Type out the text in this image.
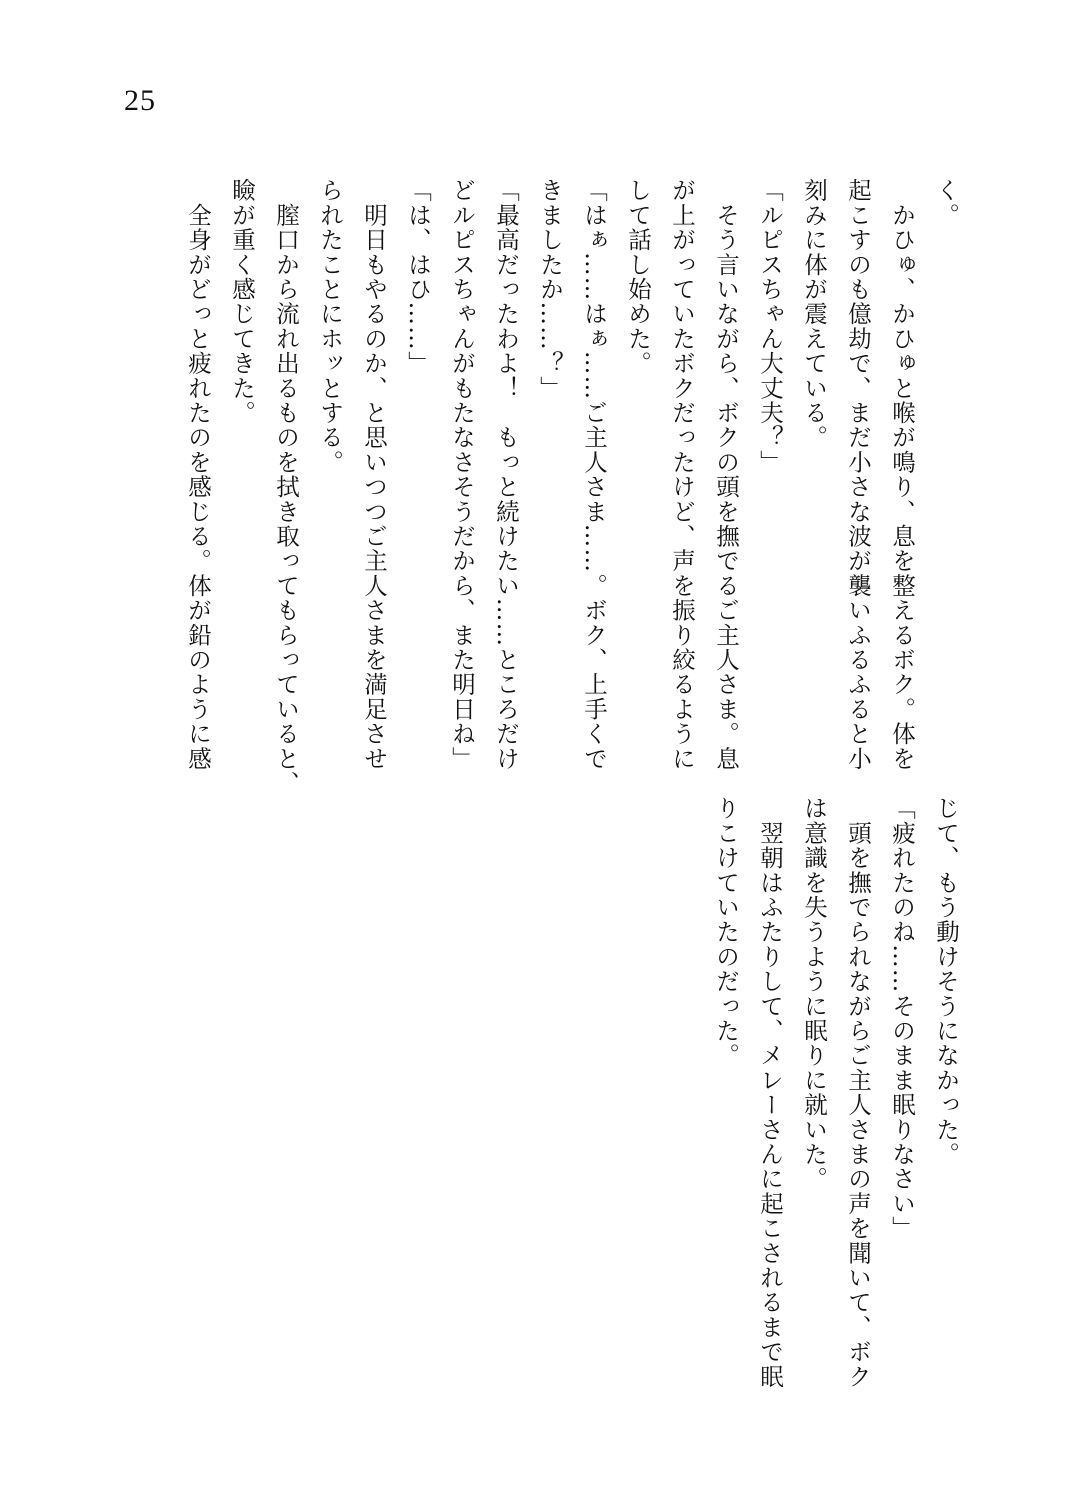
25
く。
　かひゅ、かひゅと喉が鳴り、息を整えるボク。体を
起こすのも億劫で、まだ小さな波が襲いふるふると小
刻みに体が震えている。
「ルピスちゃん大丈夫？」
　そう言いながら、ボクの頭を撫でるご主人さま。息
が上がっていたボクだったけど、声を振り絞るように
して話し始めた。
「はぁ……はぁ……ご主人さま……。ボク、上手くで
きましたか……？」
「最高だったわよ！　もっと続けたい……ところだけ
どルピスちゃんがもたなさそうだから、また明日ね」
「は、はひ……」
　明日もやるのか、と思いつつご主人さまを満足させ
られたことにホッとする。
　膣口から流れ出るものを拭き取ってもらっていると、
瞼が重く感じてきた。
　全身がどっと疲れたのを感じる。体が鉛のように感
じて、もう動けそうになかった。
「疲れたのね……そのまま眠りなさい」
　頭を撫でられながらご主人さまの声を聞いて、ボク
は意識を失うように眠りに就いた。
　翌朝はふたりして、メレーさんに起こされるまで眠
りこけていたのだった。
